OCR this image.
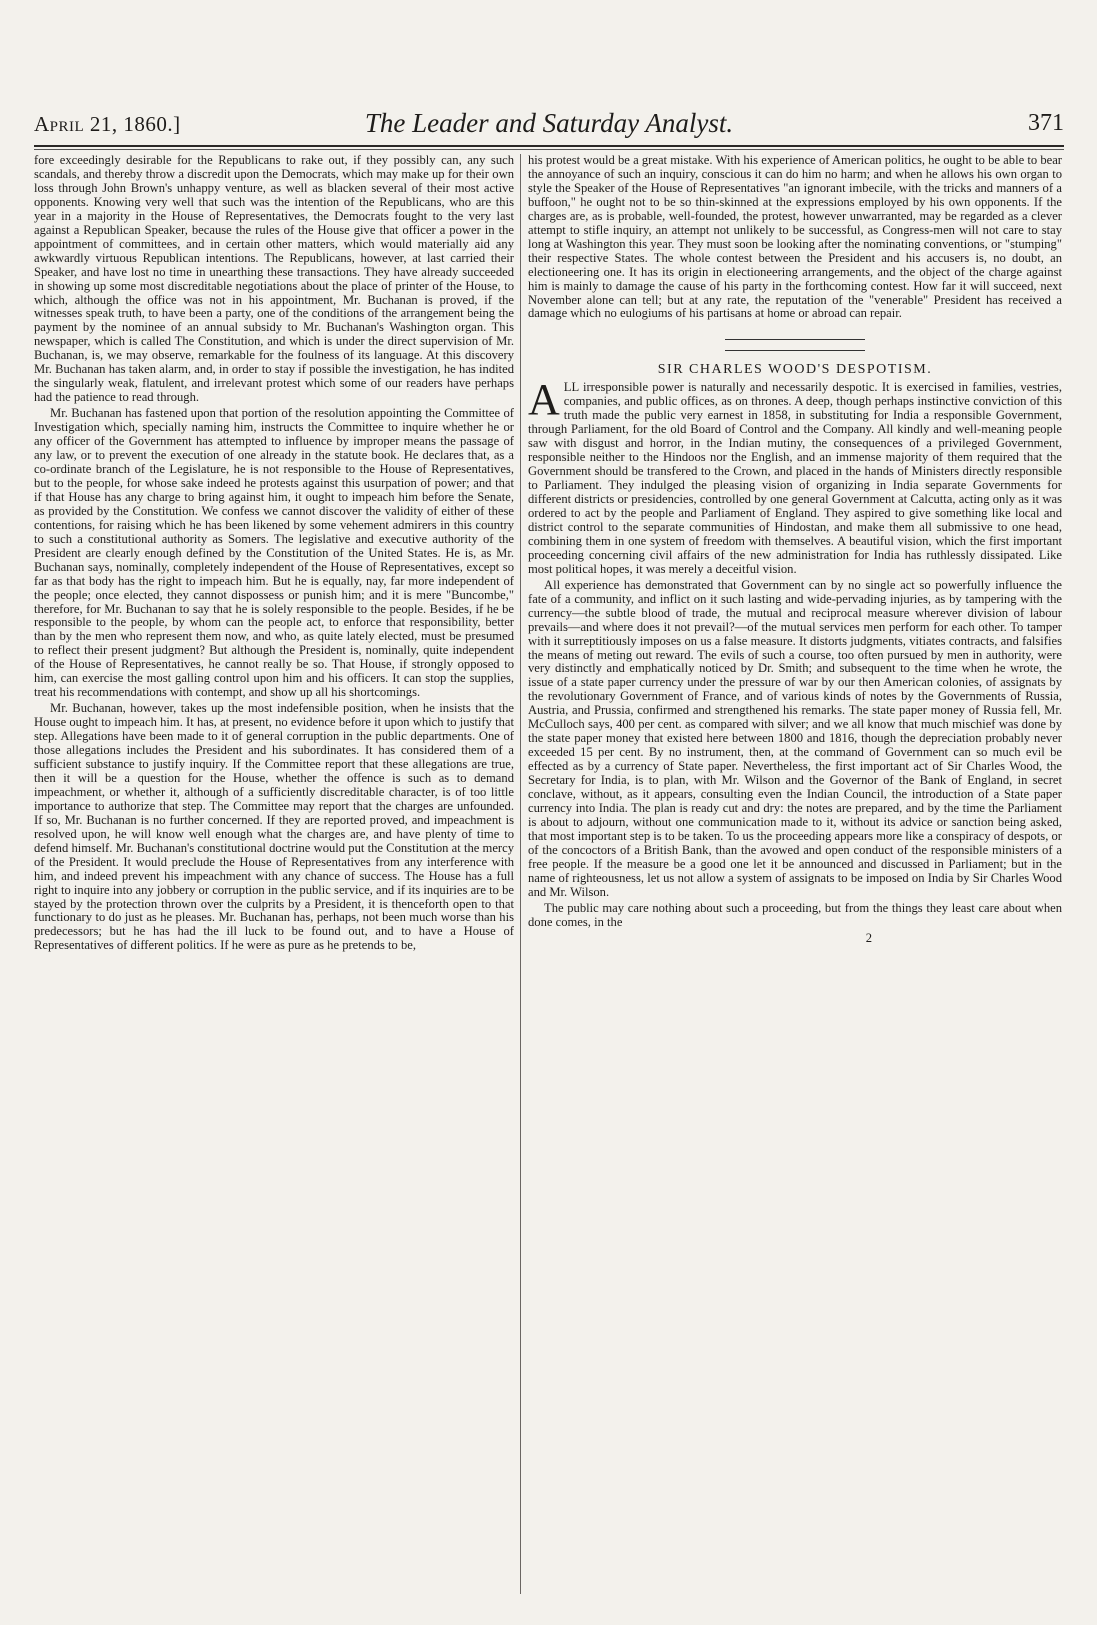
April 21, 1860.]	The Leader and Saturday Analyst.	371

fore exceedingly desirable for the Republicans to rake out, if they possibly can, any such scandals, and thereby throw a discredit upon the Democrats, which may make up for their own loss through John Brown's unhappy venture, as well as blacken several of their most active opponents. Knowing very well that such was the intention of the Republicans, who are this year in a majority in the House of Representatives, the Democrats fought to the very last against a Republican Speaker, because the rules of the House give that officer a power in the appointment of committees, and in certain other matters, which would materially aid any awkwardly virtuous Republican intentions. The Republicans, however, at last carried their Speaker, and have lost no time in unearthing these transactions. They have already succeeded in showing up some most discreditable negotiations about the place of printer of the House, to which, although the office was not in his appointment, Mr. Buchanan is proved, if the witnesses speak truth, to have been a party, one of the conditions of the arrangement being the payment by the nominee of an annual subsidy to Mr. Buchanan's Washington organ. This newspaper, which is called The Constitution, and which is under the direct supervision of Mr. Buchanan, is, we may observe, remarkable for the foulness of its language. At this discovery Mr. Buchanan has taken alarm, and, in order to stay if possible the investigation, he has indited the singularly weak, flatulent, and irrelevant protest which some of our readers have perhaps had the patience to read through.

Mr. Buchanan has fastened upon that portion of the resolution appointing the Committee of Investigation which, specially naming him, instructs the Committee to inquire whether he or any officer of the Government has attempted to influence by improper means the passage of any law, or to prevent the execution of one already in the statute book. He declares that, as a co-ordinate branch of the Legislature, he is not responsible to the House of Representatives, but to the people, for whose sake indeed he protests against this usurpation of power; and that if that House has any charge to bring against him, it ought to impeach him before the Senate, as provided by the Constitution. We confess we cannot discover the validity of either of these contentions, for raising which he has been likened by some vehement admirers in this country to such a constitutional authority as Somers. The legislative and executive authority of the President are clearly enough defined by the Constitution of the United States. He is, as Mr. Buchanan says, nominally, completely independent of the House of Representatives, except so far as that body has the right to impeach him. But he is equally, nay, far more independent of the people; once elected, they cannot dispossess or punish him; and it is mere "Buncombe," therefore, for Mr. Buchanan to say that he is solely responsible to the people. Besides, if he be responsible to the people, by whom can the people act, to enforce that responsibility, better than by the men who represent them now, and who, as quite lately elected, must be presumed to reflect their present judgment? But although the President is, nominally, quite independent of the House of Representatives, he cannot really be so. That House, if strongly opposed to him, can exercise the most galling control upon him and his officers. It can stop the supplies, treat his recommendations with contempt, and show up all his shortcomings.

Mr. Buchanan, however, takes up the most indefensible position, when he insists that the House ought to impeach him. It has, at present, no evidence before it upon which to justify that step. Allegations have been made to it of general corruption in the public departments. One of those allegations includes the President and his subordinates. It has considered them of a sufficient substance to justify inquiry. If the Committee report that these allegations are true, then it will be a question for the House, whether the offence is such as to demand impeachment, or whether it, although of a sufficiently discreditable character, is of too little importance to authorize that step. The Committee may report that the charges are unfounded. If so, Mr. Buchanan is no further concerned. If they are reported proved, and impeachment is resolved upon, he will know well enough what the charges are, and have plenty of time to defend himself. Mr. Buchanan's constitutional doctrine would put the Constitution at the mercy of the President. It would preclude the House of Representatives from any interference with him, and indeed prevent his impeachment with any chance of success. The House has a full right to inquire into any jobbery or corruption in the public service, and if its inquiries are to be stayed by the protection thrown over the culprits by a President, it is thenceforth open to that functionary to do just as he pleases. Mr. Buchanan has, perhaps, not been much worse than his predecessors; but he has had the ill luck to be found out, and to have a House of Representatives of different politics. If he were as pure as he pretends to be,

his protest would be a great mistake. With his experience of American politics, he ought to be able to bear the annoyance of such an inquiry, conscious it can do him no harm; and when he allows his own organ to style the Speaker of the House of Representatives "an ignorant imbecile, with the tricks and manners of a buffoon," he ought not to be so thin-skinned at the expressions employed by his own opponents. If the charges are, as is probable, well-founded, the protest, however unwarranted, may be regarded as a clever attempt to stifle inquiry, an attempt not unlikely to be successful, as Congress-men will not care to stay long at Washington this year. They must soon be looking after the nominating conventions, or "stumping" their respective States. The whole contest between the President and his accusers is, no doubt, an electioneering one. It has its origin in electioneering arrangements, and the object of the charge against him is mainly to damage the cause of his party in the forthcoming contest. How far it will succeed, next November alone can tell; but at any rate, the reputation of the "venerable" President has received a damage which no eulogiums of his partisans at home or abroad can repair.

SIR CHARLES WOOD'S DESPOTISM.

ALL irresponsible power is naturally and necessarily despotic. It is exercised in families, vestries, companies, and public offices, as on thrones. A deep, though perhaps instinctive conviction of this truth made the public very earnest in 1858, in substituting for India a responsible Government, through Parliament, for the old Board of Control and the Company. All kindly and well-meaning people saw with disgust and horror, in the Indian mutiny, the consequences of a privileged Government, responsible neither to the Hindoos nor the English, and an immense majority of them required that the Government should be transfered to the Crown, and placed in the hands of Ministers directly responsible to Parliament. They indulged the pleasing vision of organizing in India separate Governments for different districts or presidencies, controlled by one general Government at Calcutta, acting only as it was ordered to act by the people and Parliament of England. They aspired to give something like local and district control to the separate communities of Hindostan, and make them all submissive to one head, combining them in one system of freedom with themselves. A beautiful vision, which the first important proceeding concerning civil affairs of the new administration for India has ruthlessly dissipated. Like most political hopes, it was merely a deceitful vision.

All experience has demonstrated that Government can by no single act so powerfully influence the fate of a community, and inflict on it such lasting and wide-pervading injuries, as by tampering with the currency—the subtle blood of trade, the mutual and reciprocal measure wherever division of labour prevails—and where does it not prevail?—of the mutual services men perform for each other. To tamper with it surreptitiously imposes on us a false measure. It distorts judgments, vitiates contracts, and falsifies the means of meting out reward. The evils of such a course, too often pursued by men in authority, were very distinctly and emphatically noticed by Dr. Smith; and subsequent to the time when he wrote, the issue of a state paper currency under the pressure of war by our then American colonies, of assignats by the revolutionary Government of France, and of various kinds of notes by the Governments of Russia, Austria, and Prussia, confirmed and strengthened his remarks. The state paper money of Russia fell, Mr. McCulloch says, 400 per cent. as compared with silver; and we all know that much mischief was done by the state paper money that existed here between 1800 and 1816, though the depreciation probably never exceeded 15 per cent. By no instrument, then, at the command of Government can so much evil be effected as by a currency of State paper. Nevertheless, the first important act of Sir Charles Wood, the Secretary for India, is to plan, with Mr. Wilson and the Governor of the Bank of England, in secret conclave, without, as it appears, consulting even the Indian Council, the introduction of a State paper currency into India. The plan is ready cut and dry: the notes are prepared, and by the time the Parliament is about to adjourn, without one communication made to it, without its advice or sanction being asked, that most important step is to be taken. To us the proceeding appears more like a conspiracy of despots, or of the concoctors of a British Bank, than the avowed and open conduct of the responsible ministers of a free people. If the measure be a good one let it be announced and discussed in Parliament; but in the name of righteousness, let us not allow a system of assignats to be imposed on India by Sir Charles Wood and Mr. Wilson.

The public may care nothing about such a proceeding, but from the things they least care about when done comes, in the

2
